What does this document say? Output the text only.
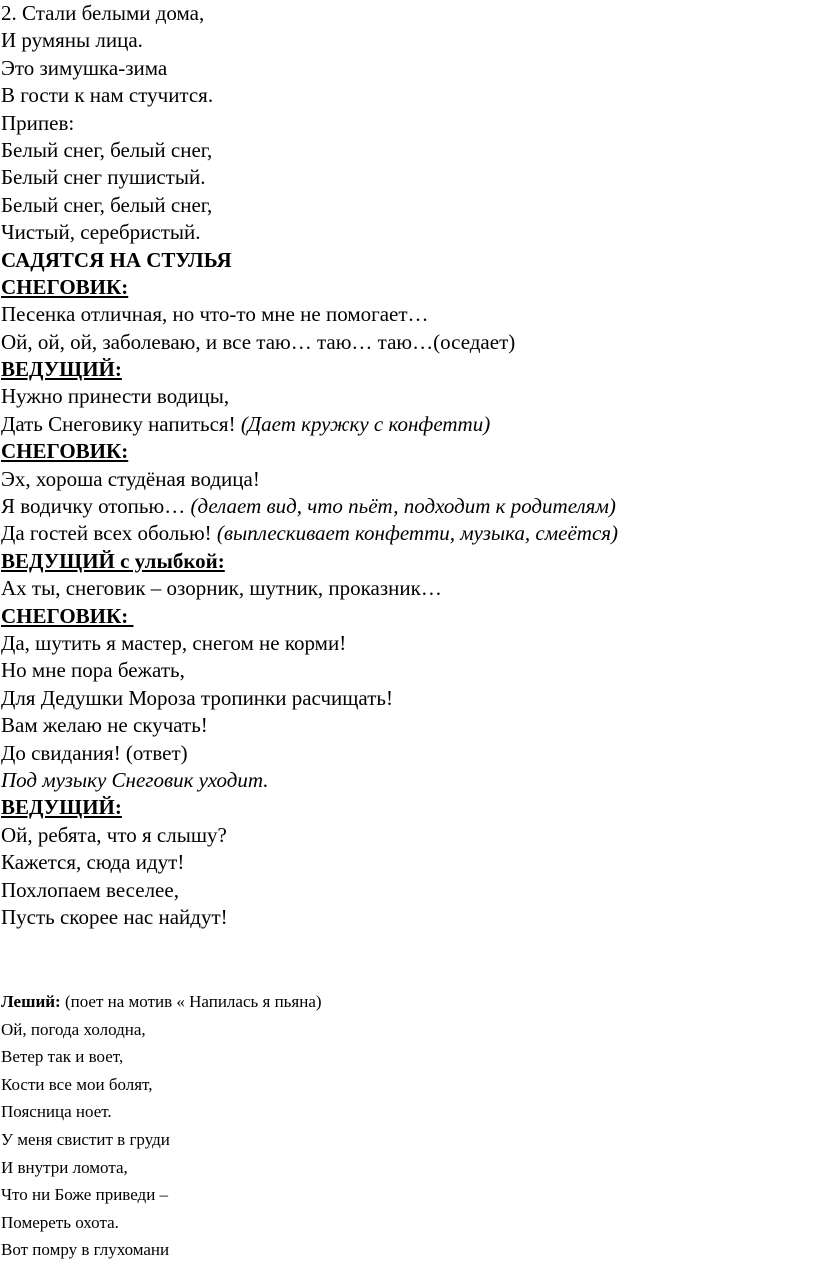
2. Стали белыми дома,
И румяны лица.
Это зимушка-зима
В гости к нам стучится.
Припев:
Белый снег, белый снег,
Белый снег пушистый.
Белый снег, белый снег,
Чистый, серебристый.
САДЯТСЯ НА СТУЛЬЯ
СНЕГОВИК:
Песенка отличная, но что-то мне не помогает…
Ой, ой, ой, заболеваю, и все таю… таю… таю…(оседает)
ВЕДУЩИЙ:
Нужно принести водицы,
Дать Снеговику напиться! (Дает кружку с конфетти)
СНЕГОВИК:
Эх, хороша студёная водица!
Я водичку отопью… (делает вид, что пьёт, подходит к родителям)
Да гостей всех оболью! (выплескивает конфетти, музыка, смеётся)
ВЕДУЩИЙ с улыбкой:
Ах ты, снеговик – озорник, шутник, проказник…
СНЕГОВИК:
Да, шутить я мастер, снегом не корми!
Но мне пора бежать,
Для Дедушки Мороза тропинки расчищать!
Вам желаю не скучать!
До свидания! (ответ)
Под музыку Снеговик уходит.
ВЕДУЩИЙ:
Ой, ребята, что я слышу?
Кажется, сюда идут!
Похлопаем веселее,
Пусть скорее нас найдут!
Леший: (поет на мотив « Напилась я пьяна)
Ой, погода холодна,
Ветер так и воет,
Кости все мои болят,
Поясница ноет.
У меня свистит в груди
И внутри ломота,
Что ни Боже приведи –
Помереть охота.
Вот помру в глухомани
